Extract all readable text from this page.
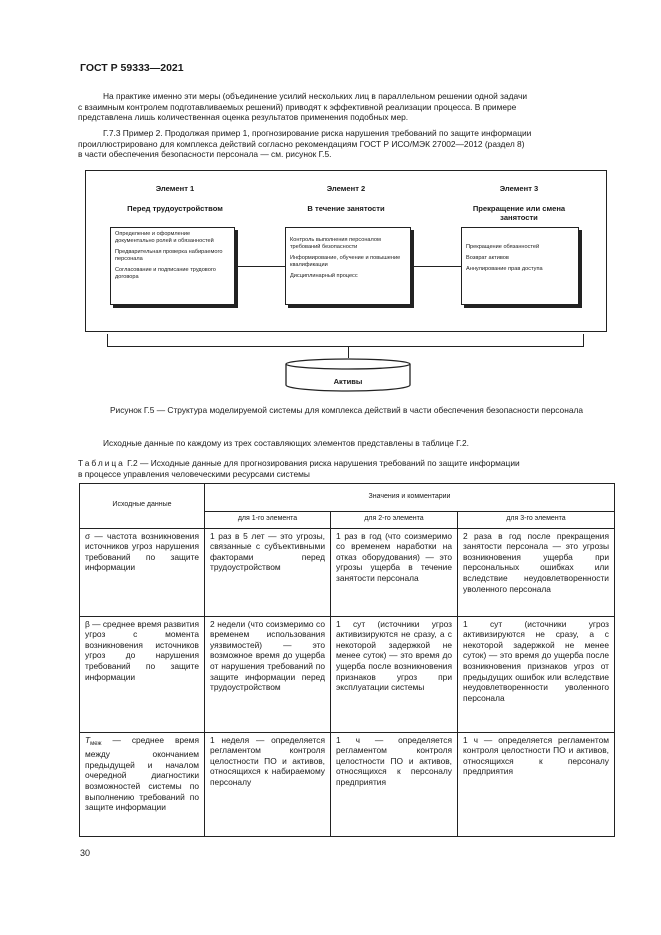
ГОСТ Р 59333—2021
На практике именно эти меры (объединение усилий нескольких лиц в параллельном решении одной задачи
с взаимным контролем подготавливаемых решений) приводят к эффективной реализации процесса. В примере
представлена лишь количественная оценка результатов применения подобных мер.
Г.7.3 Пример 2. Продолжая пример 1, прогнозирование риска нарушения требований по защите информации
проиллюстрировано для комплекса действий согласно рекомендациям ГОСТ Р ИСО/МЭК 27002—2012 (раздел 8)
в части обеспечения безопасности персонала — см. рисунок Г.5.
Элемент 1
Перед трудоустройством
Элемент 2
В течение занятости
Элемент 3
Прекращение или смена занятости
Определение и оформление документально ролей и обязанностей
Предварительная проверка набираемого персонала
Согласование и подписание трудового договора
Контроль выполнения персоналом требований безопасности
Информирование, обучение и повышение квалификации
Дисциплинарный процесс
Прекращение обязанностей
Возврат активов
Аннулирование прав доступа
Активы
Рисунок Г.5 — Структура моделируемой системы для комплекса действий в части обеспечения безопасности персонала
Исходные данные по каждому из трех составляющих элементов представлены в таблице Г.2.
Таблица Г.2 — Исходные данные для прогнозирования риска нарушения требований по защите информации
в процессе управления человеческими ресурсами системы
Исходные данные	Значения и комментарии		
	для 1-го элемента	для 2-го элемента	для 3-го элемента
σ — частота возникновения источников угроз нарушения требований по защите информации	1 раз в 5 лет — это угрозы, связанные с субъективными факторами перед трудоустройством	1 раз в год (что соизмеримо со временем наработки на отказ оборудования) — это угрозы ущерба в течение занятости персонала	2 раза в год после прекращения занятости персонала — это угрозы возникновения ущерба при персональных ошибках или вследствие неудовлетворенности уволенного персонала
β — среднее время развития угроз с момента возникновения источников угроз до нарушения требований по защите информации	2 недели (что соизмеримо со временем использования уязвимостей) — это возможное время до ущерба от нарушения требований по защите информации перед трудоустройством	1 сут (источники угроз активизируются не сразу, а с некоторой задержкой не менее суток) — это время до ущерба после возникновения признаков угроз при эксплуатации системы	1 сут (источники угроз активизируются не сразу, а с некоторой задержкой не менее суток) — это время до ущерба после возникновения признаков угроз от предыдущих ошибок или вследствие неудовлетворенности уволенного персонала
$T_{меж}$ — среднее время между окончанием предыдущей и началом очередной диагностики возможностей системы по выполнению требований по защите информации	1 неделя — определяется регламентом контроля целостности ПО и активов, относящихся к набираемому персоналу	1 ч — определяется регламентом контроля целостности ПО и активов, относящихся к персоналу предприятия	1 ч — определяется регламентом контроля целостности ПО и активов, относящихся к персоналу предприятия
30
